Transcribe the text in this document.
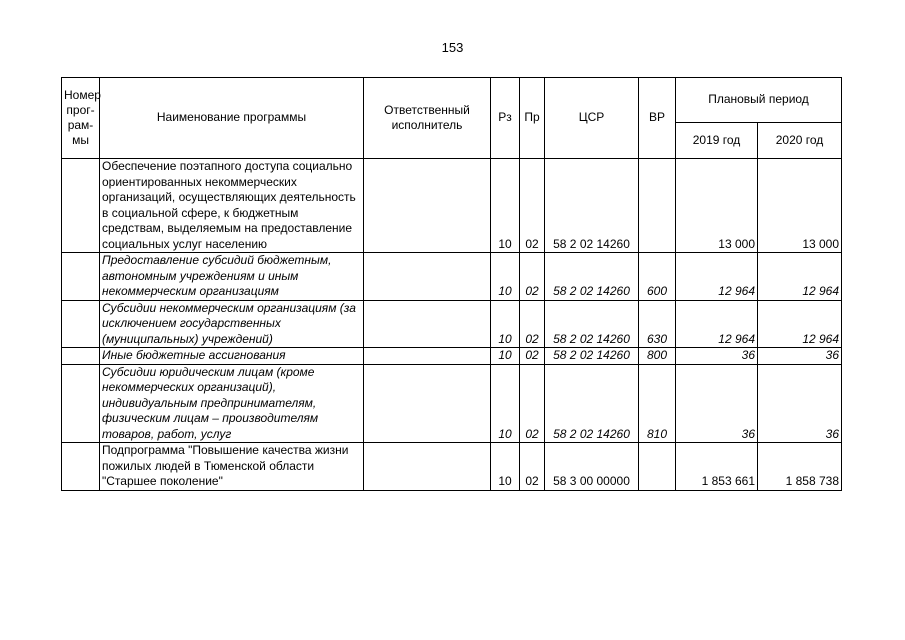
153
Номер прог-рам-мы	Наименование программы	Ответственный исполнитель	Рз	Пр	ЦСР	ВР	Плановый период	
							2019 год	2020 год
	Обеспечение поэтапного доступа социально ориентированных некоммерческих организаций, осуществляющих деятельность в социальной сфере, к бюджетным средствам, выделяемым на предоставление социальных услуг населению		10	02	58 2 02 14260		13 000	13 000
	Предоставление субсидий бюджетным, автономным учреждениям и иным некоммерческим организациям		10	02	58 2 02 14260	600	12 964	12 964
	Субсидии некоммерческим организациям (за исключением государственных (муниципальных) учреждений)		10	02	58 2 02 14260	630	12 964	12 964
	Иные бюджетные ассигнования		10	02	58 2 02 14260	800	36	36
	Субсидии юридическим лицам (кроме некоммерческих организаций), индивидуальным предпринимателям, физическим лицам – производителям товаров, работ, услуг		10	02	58 2 02 14260	810	36	36
	Подпрограмма "Повышение качества жизни пожилых людей в Тюменской области "Старшее поколение"		10	02	58 3 00 00000		1 853 661	1 858 738
